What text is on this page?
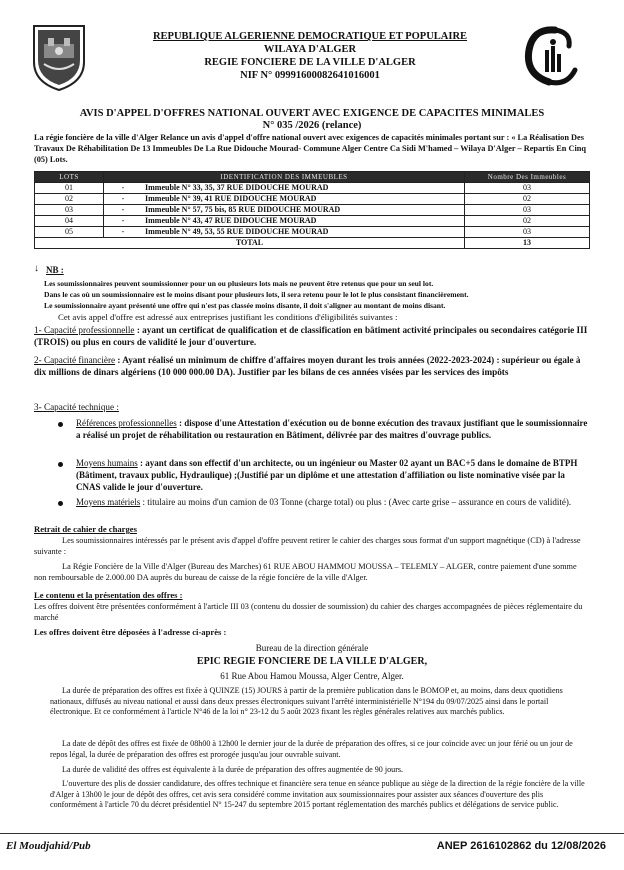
REPUBLIQUE ALGERIENNE DEMOCRATIQUE ET POPULAIRE
WILAYA D'ALGER
REGIE FONCIERE DE LA VILLE D'ALGER
NIF N° 09991600082641016001
AVIS D'APPEL D'OFFRES NATIONAL OUVERT AVEC EXIGENCE DE CAPACITES MINIMALES
N° 035 /2026 (relance)
La régie foncière de la ville d'Alger Relance un avis d'appel d'offre national ouvert avec exigences de capacités minimales portant sur : « La Réalisation Des Travaux De Réhabilitation De 13 Immeubles De La Rue Didouche Mourad- Commune Alger Centre Ca Sidi M'hamed – Wilaya D'Alger – Repartis En Cinq (05) Lots.
LOTS	IDENTIFICATION DES IMMEUBLES		Nombre Des Immeubles
01	-	Immeuble N° 33, 35, 37 RUE DIDOUCHE MOURAD	03
02	-	Immeuble N° 39, 41 RUE DIDOUCHE MOURAD	02
03	-	Immeuble N° 57, 75 bis, 85 RUE DIDOUCHE MOURAD	03
04	-	Immeuble N° 43, 47 RUE DIDOUCHE MOURAD	02
05	-	Immeuble N° 49, 53, 55 RUE DIDOUCHE MOURAD	03
TOTAL			13
↓ NB :
Les soumissionnaires peuvent soumissionner pour un ou plusieurs lots mais ne peuvent être retenus que pour un seul lot.
Dans le cas où un soumissionnaire est le moins disant pour plusieurs lots, il sera retenu pour le lot le plus consistant financièrement.
Le soumissionnaire ayant présenté une offre qui n'est pas classée moins disante, il doit s'aligner au montant de moins disant.
Cet avis appel d'offre est adressé aux entreprises justifiant les conditions d'éligibilités suivantes :
1- Capacité professionnelle : ayant un certificat de qualification et de classification en bâtiment activité principales ou secondaires catégorie III (TROIS) ou plus en cours de validité le jour d'ouverture.
2- Capacité financière : Ayant réalisé un minimum de chiffre d'affaires moyen durant les trois années (2022-2023-2024) : supérieur ou égale à dix millions de dinars algériens (10 000 000.00 DA). Justifier par les bilans de ces années visées par les services des impôts
3- Capacité technique :
Références professionnelles : dispose d'une Attestation d'exécution ou de bonne exécution des travaux justifiant que le soumissionnaire a réalisé un projet de réhabilitation ou restauration en Bâtiment, délivrée par des maitres d'ouvrage publics.
Moyens humains : ayant dans son effectif d'un architecte, ou un ingénieur ou Master 02 ayant un BAC+5 dans le domaine de BTPH (Bâtiment, travaux public, Hydraulique) ;(Justifié par un diplôme et une attestation d'affiliation ou liste nominative visée par la CNAS valide le jour d'ouverture.
Moyens matériels : titulaire au moins d'un camion de 03 Tonne (charge total) ou plus : (Avec carte grise – assurance en cours de validité).
Retrait de cahier de charges
Les soumissionnaires intéressés par le présent avis d'appel d'offre peuvent retirer le cahier des charges sous format d'un support magnétique (CD) à l'adresse suivante :
La Régie Foncière de la Ville d'Alger (Bureau des Marches) 61 RUE ABOU HAMMOU MOUSSA – TELEMLY – ALGER, contre paiement d'une somme non remboursable de 2.000.00 DA auprès du bureau de caisse de la régie foncière de la ville d'Alger.
Le contenu et la présentation des offres :
Les offres doivent être présentées conformément à l'article III 03 (contenu du dossier de soumission) du cahier des charges accompagnées de pièces réglementaire du marché
Les offres doivent être déposées à l'adresse ci-après :
Bureau de la direction générale
EPIC REGIE FONCIERE DE LA VILLE D'ALGER,
61 Rue Abou Hamou Moussa, Alger Centre, Alger.
La durée de préparation des offres est fixée à QUINZE (15) JOURS à partir de la première publication dans le BOMOP et, au moins, dans deux quotidiens nationaux, diffusés au niveau national et aussi dans deux presses électroniques suivant l'arrêté interministérielle N°194 du 09/07/2025 ainsi dans le portail électronique. Et ce conformément à l'article N°46 de la loi n° 23-12 du 5 août 2023 fixant les règles générales relatives aux marchés publics.
La date de dépôt des offres est fixée de 08h00 à 12h00 le dernier jour de la durée de préparation des offres, si ce jour coïncide avec un jour férié ou un jour de repos légal, la durée de préparation des offres est prorogée jusqu'au jour ouvrable suivant.
La durée de validité des offres est équivalente à la durée de préparation des offres augmentée de 90 jours.
L'ouverture des plis de dossier candidature, des offres technique et financière sera tenue en séance publique au siège de la direction de la régie foncière de la ville d'Alger à 13h00 le jour de dépôt des offres, cet avis sera considéré comme invitation aux soumissionnaires pour assister aux séances d'ouverture des plis conformément à l'article 70 du décret présidentiel N° 15-247 du septembre 2015 portant réglementation des marchés publics et délégations de service public.
El Moudjahid/Pub	ANEP 2616102862 du 12/08/2026
